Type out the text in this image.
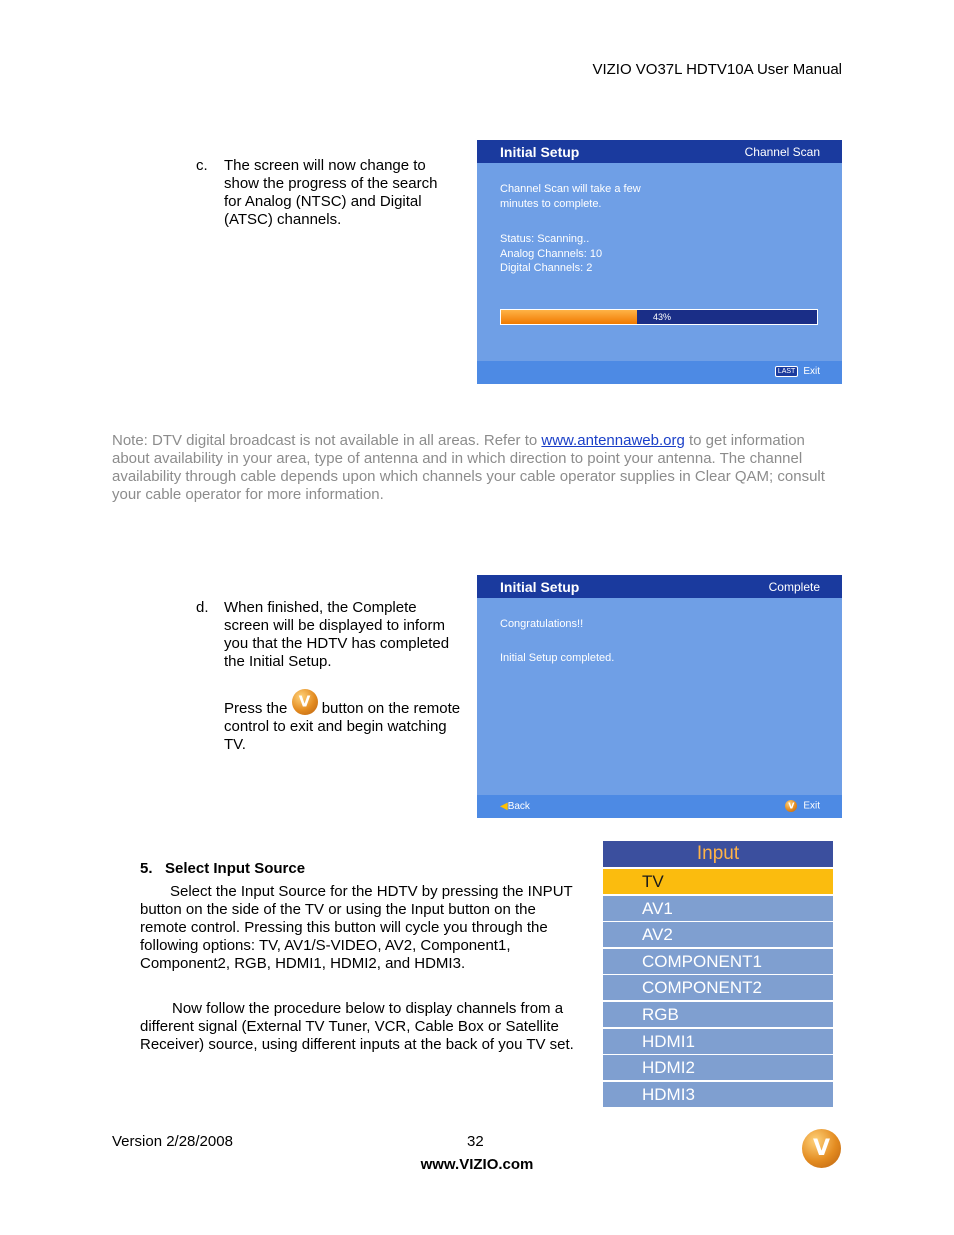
VIZIO VO37L HDTV10A User Manual
c. The screen will now change to show the progress of the search for Analog (NTSC) and Digital (ATSC) channels.
Initial Setup	Channel Scan
Channel Scan will take a few
minutes to complete.
Status: Scanning..
Analog Channels: 10
Digital Channels: 2
43%
LAST Exit
Note: DTV digital broadcast is not available in all areas. Refer to www.antennaweb.org to get information about availability in your area, type of antenna and in which direction to point your antenna. The channel availability through cable depends upon which channels your cable operator supplies in Clear QAM; consult your cable operator for more information.
d. When finished, the Complete screen will be displayed to inform you that the HDTV has completed the Initial Setup.
Press the V button on the remote control to exit and begin watching TV.
Initial Setup	Complete
Congratulations!!
Initial Setup completed.
◀Back V	Exit
5.   Select Input Source
Select the Input Source for the HDTV by pressing the INPUT button on the side of the TV or using the Input button on the remote control. Pressing this button will cycle you through the following options: TV, AV1/S-VIDEO, AV2, Component1, Component2, RGB, HDMI1, HDMI2, and HDMI3.
Now follow the procedure below to display channels from a different signal (External TV Tuner, VCR, Cable Box or Satellite Receiver) source, using different inputs at the back of you TV set.
Input
TV
AV1
AV2
COMPONENT1
COMPONENT2
RGB
HDMI1
HDMI2
HDMI3
Version 2/28/2008	32
www.VIZIO.com
V
